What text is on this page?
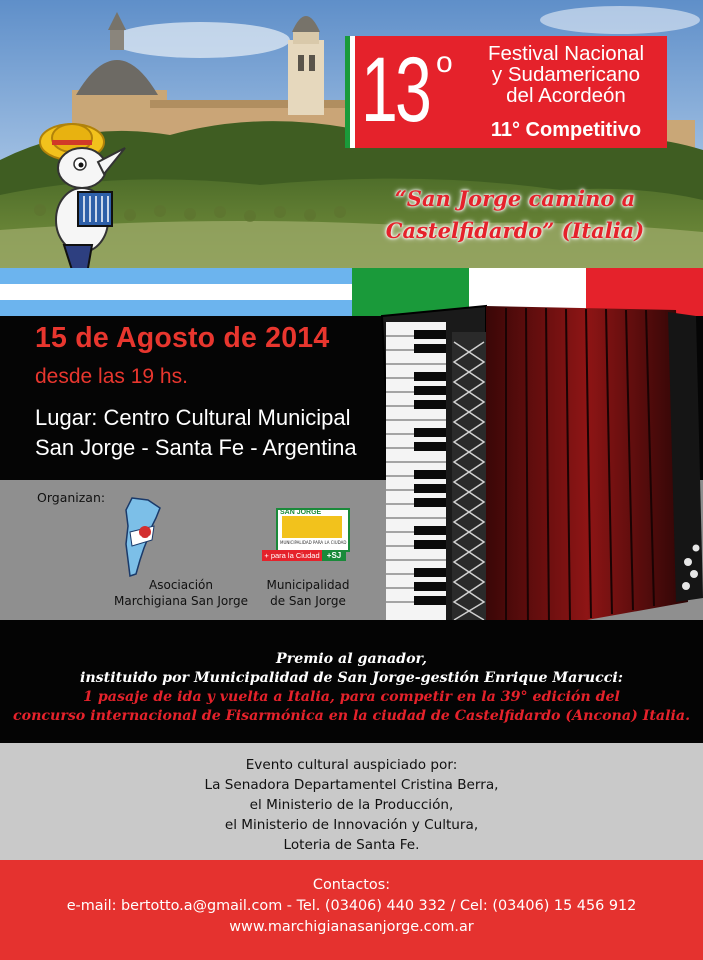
13 o	Festival Nacional
y Sudamericano
del Acordeón
11° Competitivo
“San Jorge camino a
Castelfidardo” (Italia)
15 de Agosto de 2014
desde las 19 hs.
Lugar: Centro Cultural Municipal
San Jorge - Santa Fe - Argentina
Organizan:
Asociación
Marchigiana San Jorge
SAN JORGE
MUNICIPALIDAD PARA LA CIUDAD
+ para la Ciudad +SJ
Municipalidad
de San Jorge
Premio al ganador,
instituido por Municipalidad de San Jorge-gestión Enrique Marucci:
1 pasaje de ida y vuelta a Italia, para competir en la 39° edición del
concurso internacional de Fisarmónica en la ciudad de Castelfidardo (Ancona) Italia.
Evento cultural auspiciado por:
La Senadora Departamentel Cristina Berra,
el Ministerio de la Producción,
el Ministerio de Innovación y Cultura,
Loteria de Santa Fe.
Contactos:
e-mail: bertotto.a@gmail.com - Tel. (03406) 440 332 / Cel: (03406) 15 456 912
www.marchigianasanjorge.com.ar
